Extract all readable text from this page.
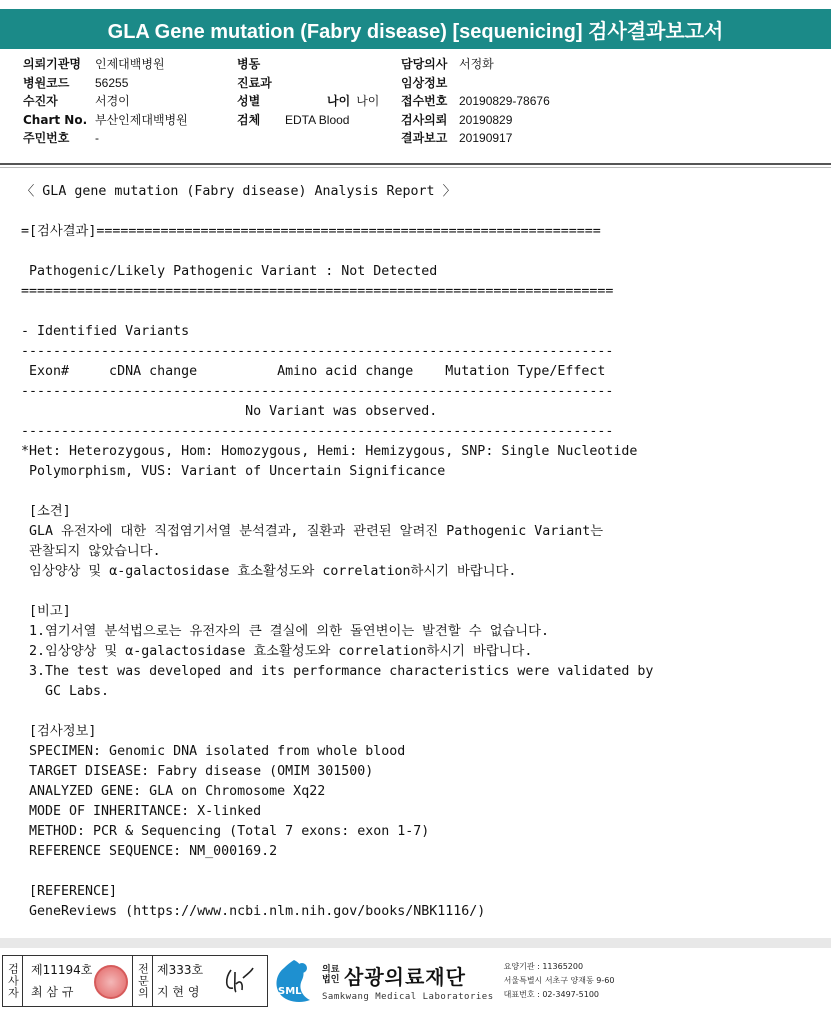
GLA Gene mutation (Fabry disease) [sequenicing] 검사결과보고서
의뢰기관명	인제대백병원
병원코드	56255
수진자	서경이
Chart No. 부산인제대백병원
주민번호	-
병동
진료과
성별	나이 나이
검체	EDTA Blood
담당의사 서정화
임상정보
접수번호 20190829-78676
검사의뢰 20190829
결과보고 20190917
〈 GLA gene mutation (Fabry disease) Analysis Report 〉
=[검사결과]===============================================================
Pathogenic/Likely Pathogenic Variant : Not Detected
==========================================================================
- Identified Variants
--------------------------------------------------------------------------
Exon#     cDNA change          Amino acid change    Mutation Type/Effect
--------------------------------------------------------------------------
No Variant was observed.
--------------------------------------------------------------------------
*Het: Heterozygous, Hom: Homozygous, Hemi: Hemizygous, SNP: Single Nucleotide
Polymorphism, VUS: Variant of Uncertain Significance
[소견]
GLA 유전자에 대한 직접염기서열 분석결과, 질환과 관련된 알려진 Pathogenic Variant는
관찰되지 않았습니다.
임상양상 및 α-galactosidase 효소활성도와 correlation하시기 바랍니다.
[비고]
1.염기서열 분석법으로는 유전자의 큰 결실에 의한 돌연변이는 발견할 수 없습니다.
2.임상양상 및 α-galactosidase 효소활성도와 correlation하시기 바랍니다.
3.The test was developed and its performance characteristics were validated by
GC Labs.
[검사정보]
SPECIMEN: Genomic DNA isolated from whole blood
TARGET DISEASE: Fabry disease (OMIM 301500)
ANALYZED GENE: GLA on Chromosome Xq22
MODE OF INHERITANCE: X-linked
METHOD: PCR & Sequencing (Total 7 exons: exon 1-7)
REFERENCE SEQUENCE: NM_000169.2
[REFERENCE]
GeneReviews (https://www.ncbi.nlm.nih.gov/books/NBK1116/)
검사자 제11194호
최 삼 규	전문의 제333호
지 현 영	SML
의료법인 삼광의료재단
Samkwang Medical Laboratories
요양기관 : 11365200
서울특별시 서초구 양재동 9-60
대표번호 : 02-3497-5100
